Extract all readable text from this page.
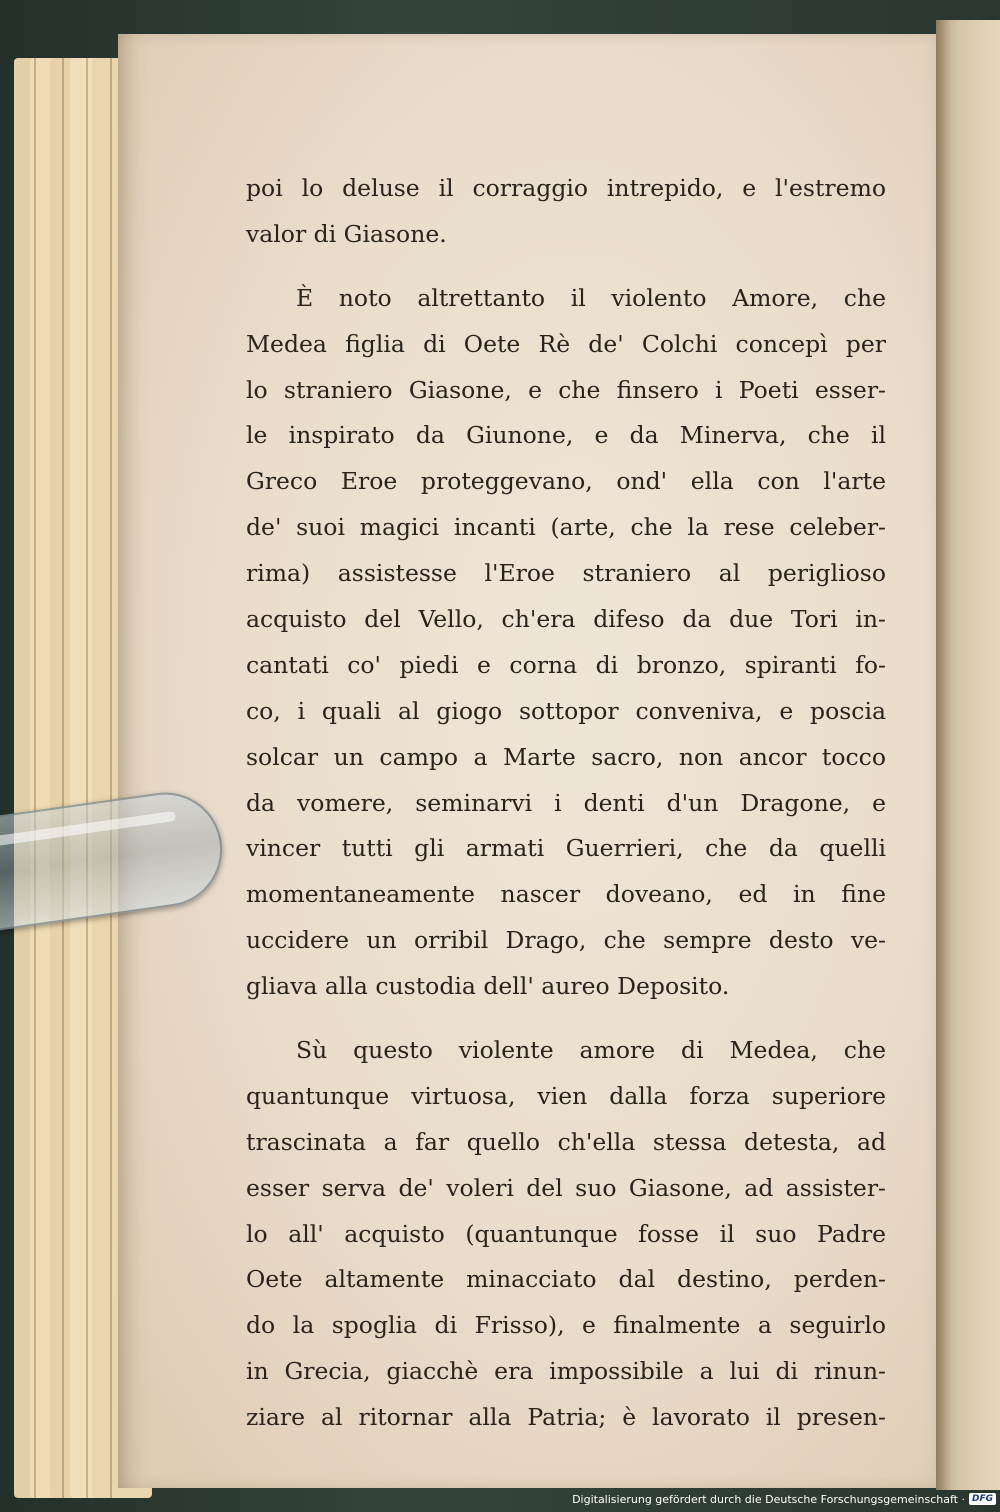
poi lo deluse il corraggio intrepido, e l'estremo
valor di Giasone.
È noto altrettanto il violento Amore, che
Medea figlia di Oete Rè de' Colchi concepì per
lo straniero Giasone, e che finsero i Poeti esser-
le inspirato da Giunone, e da Minerva, che il
Greco Eroe proteggevano, ond' ella con l'arte
de' suoi magici incanti (arte, che la rese celeber-
rima) assistesse l'Eroe straniero al periglioso
acquisto del Vello, ch'era difeso da due Tori in-
cantati co' piedi e corna di bronzo, spiranti fo-
co, i quali al giogo sottopor conveniva, e poscia
solcar un campo a Marte sacro, non ancor tocco
da vomere, seminarvi i denti d'un Dragone, e
vincer tutti gli armati Guerrieri, che da quelli
momentaneamente nascer doveano, ed in fine
uccidere un orribil Drago, che sempre desto ve-
gliava alla custodia dell' aureo Deposito.
Sù questo violente amore di Medea, che
quantunque virtuosa, vien dalla forza superiore
trascinata a far quello ch'ella stessa detesta, ad
esser serva de' voleri del suo Giasone, ad assister-
lo all' acquisto (quantunque fosse il suo Padre
Oete altamente minacciato dal destino, perden-
do la spoglia di Frisso), e finalmente a seguirlo
in Grecia, giacchè era impossibile a lui di rinun-
ziare al ritornar alla Patria; è lavorato il presen-
Digitalisierung gefördert durch die Deutsche Forschungsgemeinschaft · DFG
